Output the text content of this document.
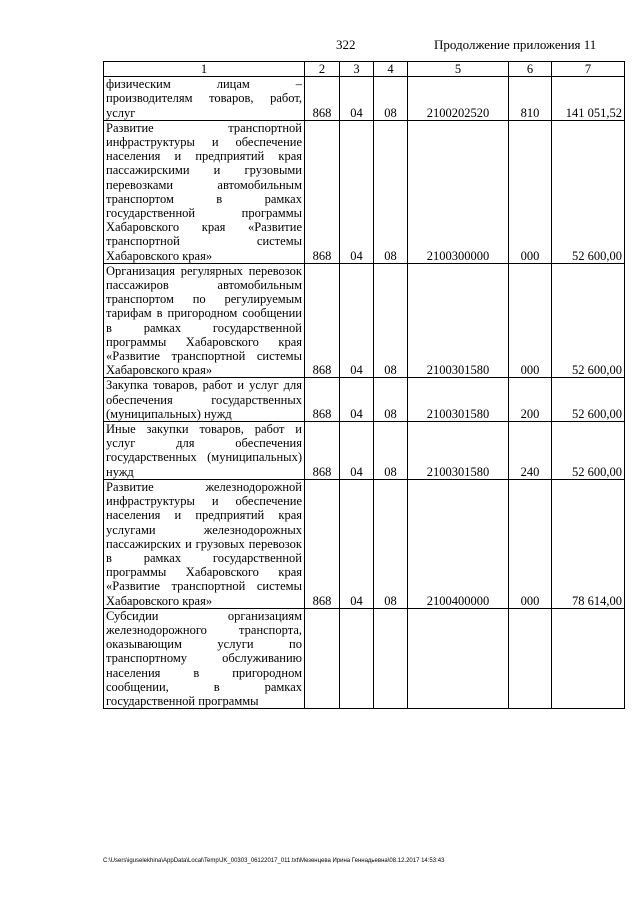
322	Продолжение приложения 11
1	2	3	4	5	6	7
физическим лицам – производителям товаров, работ, услуг	868	04	08	2100202520	810	141 051,52
Развитие транспортной инфраструктуры и обеспечение населения и предприятий края пассажирскими и грузовыми перевозками автомобильным транспортом в рамках государственной программы Хабаровского края «Развитие транспортной системы Хабаровского края»	868	04	08	2100300000	000	52 600,00
Организация регулярных перевозок пассажиров автомобильным транспортом по регулируемым тарифам в пригородном сообщении в рамках государственной программы Хабаровского края «Развитие транспортной системы Хабаровского края»	868	04	08	2100301580	000	52 600,00
Закупка товаров, работ и услуг для обеспечения государственных (муниципальных) нужд	868	04	08	2100301580	200	52 600,00
Иные закупки товаров, работ и услуг для обеспечения государственных (муниципальных) нужд	868	04	08	2100301580	240	52 600,00
Развитие железнодорожной инфраструктуры и обеспечение населения и предприятий края услугами железнодорожных пассажирских и грузовых перевозок в рамках государственной программы Хабаровского края «Развитие транспортной системы Хабаровского края»	868	04	08	2100400000	000	78 614,00
Субсидии организациям железнодорожного транспорта, оказывающим услуги по транспортному обслуживанию населения в пригородном сообщении, в рамках государственной программы						
C:\Users\iguselekhina\AppData\Local\Temp\JK_00303_06122017_011.txt\Мезенцева Ирина Геннадьевна\08.12.2017 14:53:43
